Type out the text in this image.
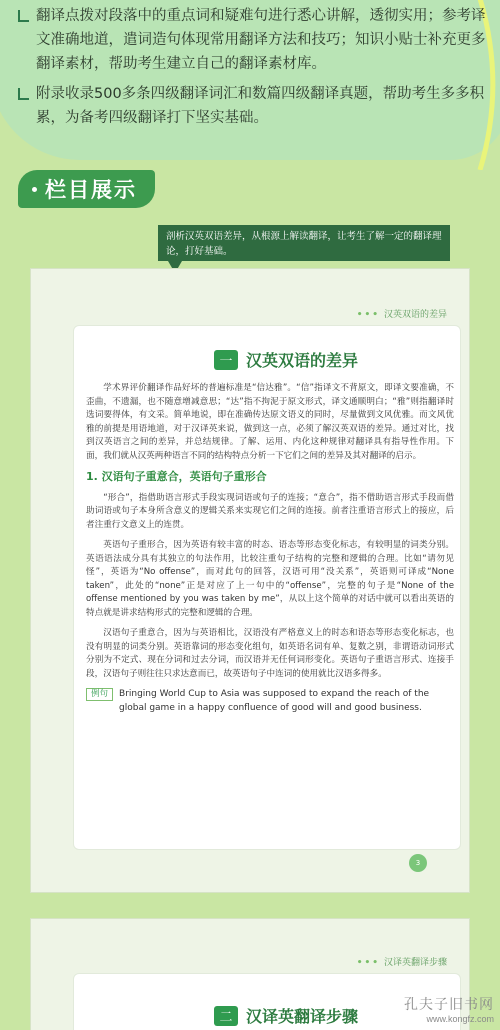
翻译点拨对段落中的重点词和疑难句进行悉心讲解，透彻实用；参考译文准确地道，遣词造句体现常用翻译方法和技巧；知识小贴士补充更多翻译素材，帮助考生建立自己的翻译素材库。

附录收录500多条四级翻译词汇和数篇四级翻译真题，帮助考生多多积累，为备考四级翻译打下坚实基础。

栏目展示
剖析汉英双语差异，从根源上解读翻译，让考生了解一定的翻译理论，打好基础。
••• 汉英双语的差异
一 汉英双语的差异

学术界评价翻译作品好坏的普遍标准是“信达雅”。“信”指译文不背原文，即译文要准确，不歪曲，不遗漏，也不随意增减意思；“达”指不拘泥于原文形式，译文通顺明白；“雅”则指翻译时选词要得体，有文采。简单地说，即在准确传达原文语义的同时，尽量做到文风优雅。而文风优雅的前提是用语地道，对于汉译英来说，做到这一点，必须了解汉英双语的差异。通过对比，找到汉英语言之间的差异，并总结规律。了解、运用、内化这种规律对翻译具有指导性作用。下面，我们就从汉英两种语言不同的结构特点分析一下它们之间的差异及其对翻译的启示。

1. 汉语句子重意合，英语句子重形合

“形合”，指借助语言形式手段实现词语或句子的连接；“意合”，指不借助语言形式手段而借助词语或句子本身所含意义的逻辑关系来实现它们之间的连接。前者注重语言形式上的接应，后者注重行文意义上的连贯。

英语句子重形合，因为英语有较丰富的时态、语态等形态变化标志，有较明显的词类分别。英语语法成分具有其独立的句法作用，比较注重句子结构的完整和逻辑的合理。比如“请勿见怪”，英语为“No offense”，而对此句的回答，汉语可用“没关系”，英语则可译成“None taken”，此处的“none”正是对应了上一句中的“offense”，完整的句子是“None of the offense mentioned by you was taken by me”，从以上这个简单的对话中就可以看出英语的特点就是讲求结构形式的完整和逻辑的合理。

汉语句子重意合，因为与英语相比，汉语没有严格意义上的时态和语态等形态变化标志，也没有明显的词类分别。英语靠词的形态变化组句，如英语名词有单、复数之别，非谓语动词形式分别为不定式、现在分词和过去分词，而汉语并无任何词形变化。英语句子重语言形式、连接手段，汉语句子则往往只求达意而已，故英语句子中连词的使用就比汉语多得多。

例句	Bringing World Cup to Asia was supposed to expand the reach of the global game in a happy confluence of good will and good business.
3
••• 汉译英翻译步骤
二 汉译英翻译步骤
孔夫子旧书网
www.kongfz.com
